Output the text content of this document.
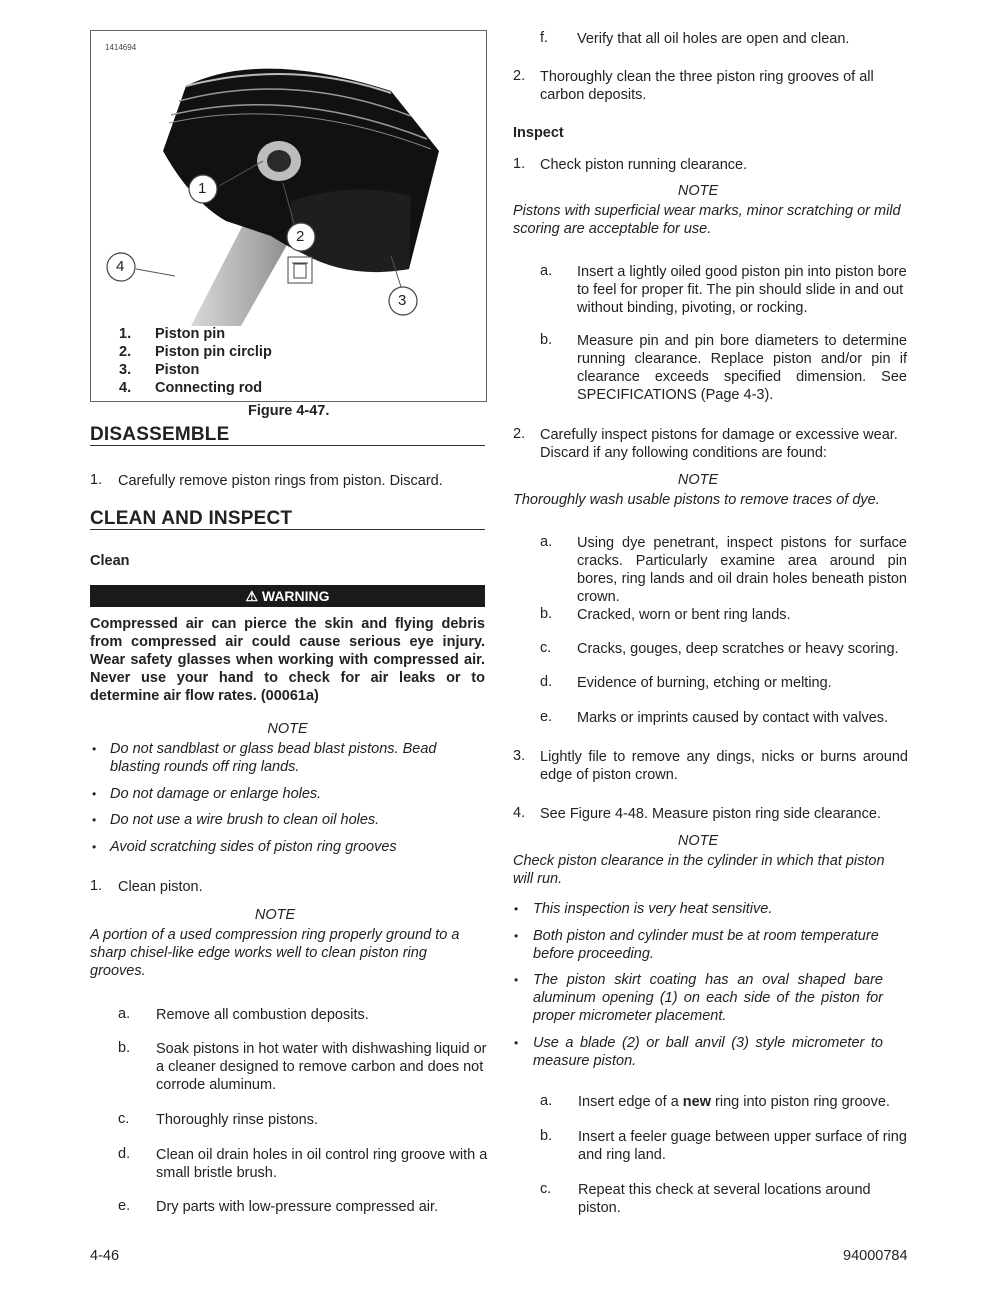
1414694
1
2
3
4
1. Piston pin
2. Piston pin circlip
3. Piston
4. Connecting rod
Figure 4-47.
DISASSEMBLE
1. Carefully remove piston rings from piston. Discard.
CLEAN AND INSPECT
Clean
⚠ WARNING
Compressed air can pierce the skin and flying debris from compressed air could cause serious eye injury. Wear safety glasses when working with compressed air. Never use your hand to check for air leaks or to determine air flow rates. (00061a)
NOTE
• Do not sandblast or glass bead blast pistons. Bead blasting rounds off ring lands.
• Do not damage or enlarge holes.
• Do not use a wire brush to clean oil holes.
• Avoid scratching sides of piston ring grooves
1. Clean piston.
NOTE
A portion of a used compression ring properly ground to a sharp chisel-like edge works well to clean piston ring grooves.
a. Remove all combustion deposits.
b. Soak pistons in hot water with dishwashing liquid or a cleaner designed to remove carbon and does not corrode aluminum.
c. Thoroughly rinse pistons.
d. Clean oil drain holes in oil control ring groove with a small bristle brush.
e. Dry parts with low-pressure compressed air.
f. Verify that all oil holes are open and clean.
2. Thoroughly clean the three piston ring grooves of all carbon deposits.
Inspect
1. Check piston running clearance.
NOTE
Pistons with superficial wear marks, minor scratching or mild scoring are acceptable for use.
a. Insert a lightly oiled good piston pin into piston bore to feel for proper fit. The pin should slide in and out without binding, pivoting, or rocking.
b. Measure pin and pin bore diameters to determine running clearance. Replace piston and/or pin if clearance exceeds specified dimension. See SPECIFICATIONS (Page 4-3).
2. Carefully inspect pistons for damage or excessive wear. Discard if any following conditions are found:
NOTE
Thoroughly wash usable pistons to remove traces of dye.
a. Using dye penetrant, inspect pistons for surface cracks. Particularly examine area around pin bores, ring lands and oil drain holes beneath piston crown.
b. Cracked, worn or bent ring lands.
c. Cracks, gouges, deep scratches or heavy scoring.
d. Evidence of burning, etching or melting.
e. Marks or imprints caused by contact with valves.
3. Lightly file to remove any dings, nicks or burns around edge of piston crown.
4. See Figure 4-48. Measure piston ring side clearance.
NOTE
Check piston clearance in the cylinder in which that piston will run.
• This inspection is very heat sensitive.
• Both piston and cylinder must be at room temperature before proceeding.
• The piston skirt coating has an oval shaped bare aluminum opening (1) on each side of the piston for proper micrometer placement.
• Use a blade (2) or ball anvil (3) style micrometer to measure piston.
a. Insert edge of a new ring into piston ring groove.
b. Insert a feeler guage between upper surface of ring and ring land.
c. Repeat this check at several locations around piston.
4-46	94000784
